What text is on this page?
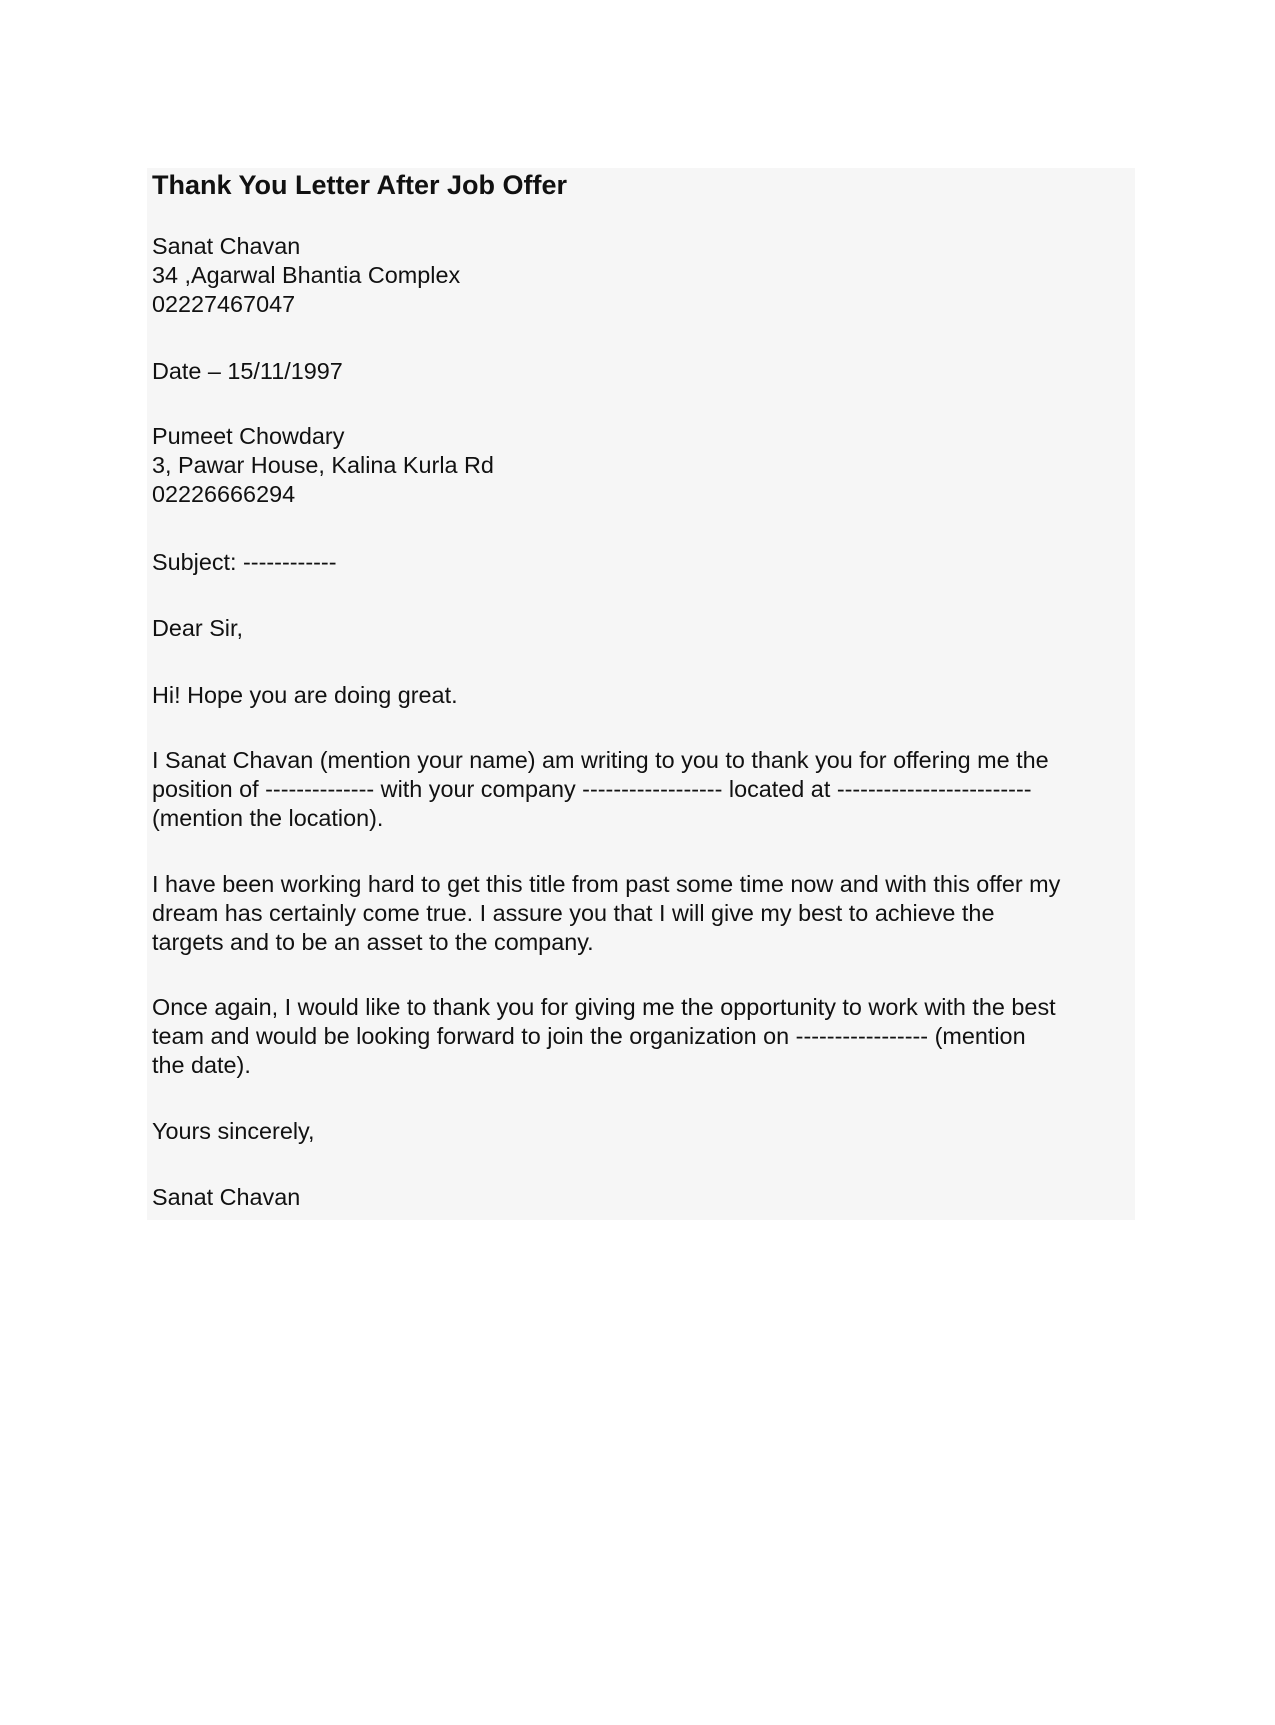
Thank You Letter After Job Offer
Sanat Chavan
34 ,Agarwal Bhantia Complex
02227467047
Date – 15/11/1997
Pumeet Chowdary
3, Pawar House, Kalina Kurla Rd
02226666294
Subject: ------------
Dear Sir,
Hi! Hope you are doing great.
I Sanat Chavan (mention your name) am writing to you to thank you for offering me the
position of -------------- with your company ------------------ located at -------------------------
(mention the location).
I have been working hard to get this title from past some time now and with this offer my
dream has certainly come true. I assure you that I will give my best to achieve the
targets and to be an asset to the company.
Once again, I would like to thank you for giving me the opportunity to work with the best
team and would be looking forward to join the organization on ----------------- (mention
the date).
Yours sincerely,
Sanat Chavan
